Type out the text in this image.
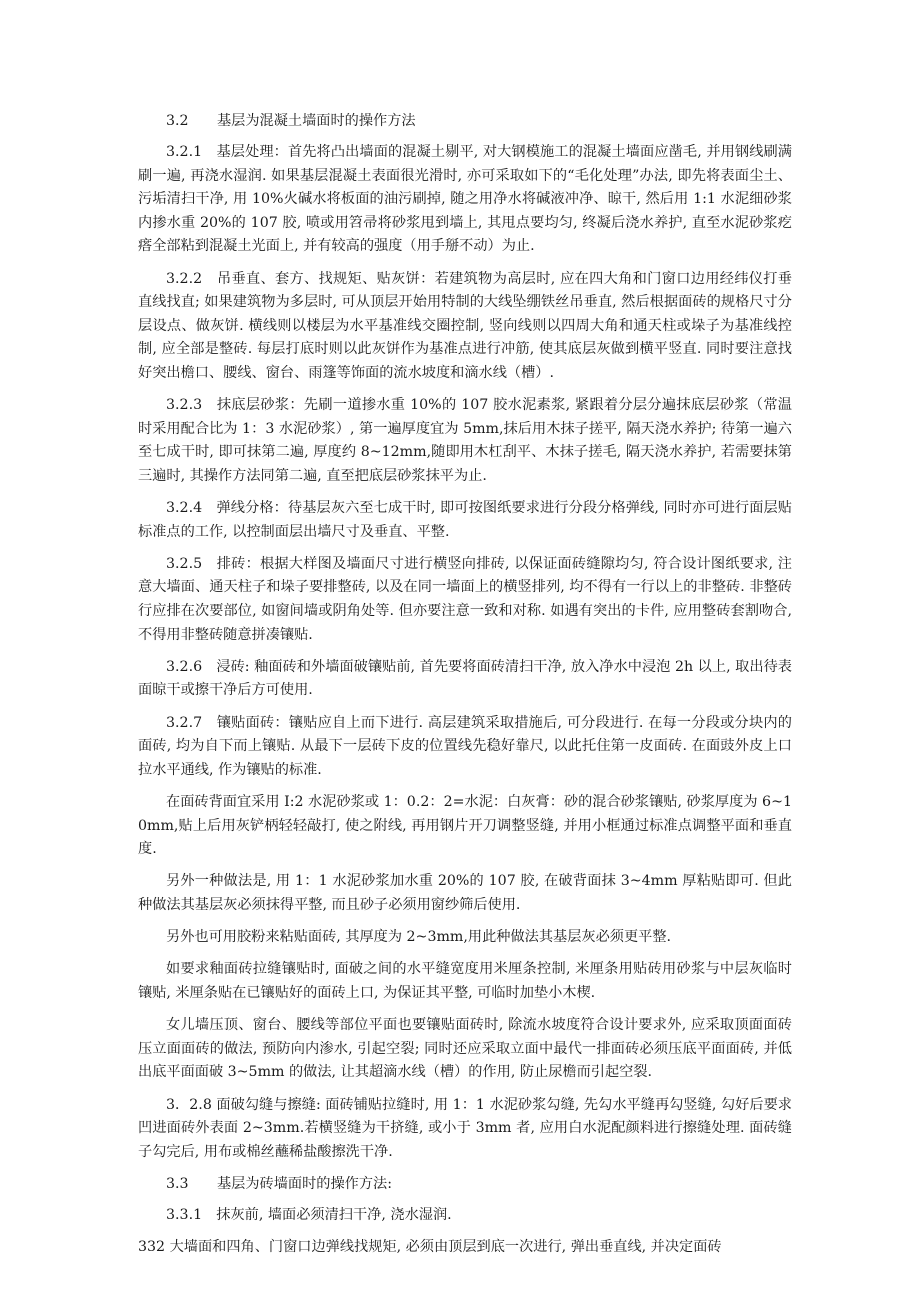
3.2　　基层为混凝土墙面时的操作方法

3.2.1　基层处理：首先将凸出墙面的混凝土剔平, 对大钢模施工的混凝土墙面应凿毛, 并用钢线刷满刷一遍, 再浇水湿润. 如果基层混凝土表面很光滑时, 亦可采取如下的“毛化处理”办法, 即先将表面尘土、污垢清扫干净, 用 10%火碱水将板面的油污刷掉, 随之用净水将碱液冲净、晾干, 然后用 1:1 水泥细砂浆内掺水重 20%的 107 胶, 喷或用笤帚将砂浆甩到墙上, 其甩点要均匀, 终凝后浇水养护, 直至水泥砂浆疙瘩全部粘到混凝土光面上, 并有较高的强度（用手掰不动）为止.

3.2.2　吊垂直、套方、找规矩、贴灰饼：若建筑物为高层时, 应在四大角和门窗口边用经纬仪打垂直线找直; 如果建筑物为多层时, 可从顶层开始用特制的大线坠绷铁丝吊垂直, 然后根据面砖的规格尺寸分层设点、做灰饼. 横线则以楼层为水平基准线交圈控制, 竖向线则以四周大角和通天柱或垛子为基准线控制, 应全部是整砖. 每层打底时则以此灰饼作为基准点进行冲筋, 使其底层灰做到横平竖直. 同时要注意找好突出檐口、腰线、窗台、雨篷等饰面的流水坡度和滴水线（槽）.

3.2.3　抹底层砂浆：先刷一道掺水重 10%的 107 胶水泥素浆, 紧跟着分层分遍抹底层砂浆（常温时采用配合比为 1：3 水泥砂浆）, 第一遍厚度宜为 5mm,抹后用木抹子搓平, 隔天浇水养护; 待第一遍六至七成干时, 即可抹第二遍, 厚度约 8~12mm,随即用木杠刮平、木抹子搓毛, 隔天浇水养护, 若需要抹第三遍时, 其操作方法同第二遍, 直至把底层砂浆抹平为止.

3.2.4　弹线分格：待基层灰六至七成干时, 即可按图纸要求进行分段分格弹线, 同时亦可进行面层贴标准点的工作, 以控制面层出墙尺寸及垂直、平整.

3.2.5　排砖：根据大样图及墙面尺寸进行横竖向排砖, 以保证面砖缝隙均匀, 符合设计图纸要求, 注意大墙面、通天柱子和垛子要排整砖, 以及在同一墙面上的横竖排列, 均不得有一行以上的非整砖. 非整砖行应排在次要部位, 如窗间墙或阴角处等. 但亦要注意一致和对称. 如遇有突出的卡件, 应用整砖套割吻合, 不得用非整砖随意拼凑镶贴.

3.2.6　浸砖: 釉面砖和外墙面破镶贴前, 首先要将面砖清扫干净, 放入净水中浸泡 2h 以上, 取出待表面晾干或擦干净后方可使用.

3.2.7　镶贴面砖：镶贴应自上而下进行. 高层建筑采取措施后, 可分段进行. 在每一分段或分块内的面砖, 均为自下而上镶贴. 从最下一层砖下皮的位置线先稳好靠尺, 以此托住第一皮面砖. 在面豉外皮上口拉水平通线, 作为镶贴的标准.

在面砖背面宜采用 I:2 水泥砂浆或 1：0.2：2=水泥：白灰膏：砂的混合砂浆镶贴, 砂浆厚度为 6~10mm,贴上后用灰铲柄轻轻敲打, 使之附线, 再用钢片开刀调整竖缝, 并用小框通过标准点调整平面和垂直度.

另外一种做法是, 用 1：1 水泥砂浆加水重 20%的 107 胶, 在破背面抹 3~4mm 厚粘贴即可. 但此种做法其基层灰必须抹得平整, 而且砂子必须用窗纱筛后使用.

另外也可用胶粉来粘贴面砖, 其厚度为 2~3mm,用此种做法其基层灰必须更平整.

如要求釉面砖拉缝镶贴时, 面破之间的水平缝宽度用米厘条控制, 米厘条用贴砖用砂浆与中层灰临时镶贴, 米厘条贴在已镶贴好的面砖上口, 为保证其平整, 可临时加垫小木楔.

女儿墙压顶、窗台、腰线等部位平面也要镶贴面砖时, 除流水坡度符合设计要求外, 应采取顶面面砖压立面面砖的做法, 预防向内渗水, 引起空裂; 同时还应采取立面中最代一排面砖必须压底平面面砖, 并低出底平面面破 3~5mm 的做法, 让其超滴水线（槽）的作用, 防止尿檐而引起空裂.

3．2.8 面破勾缝与擦缝: 面砖铺贴拉缝时, 用 1：1 水泥砂浆勾缝, 先勾水平缝再勾竖缝, 勾好后要求凹进面砖外表面 2~3mm.若横竖缝为干挤缝, 或小于 3mm 者, 应用白水泥配颜料进行擦缝处理. 面砖缝子勾完后, 用布或棉丝蘸稀盐酸擦洗干净.

3.3　　基层为砖墙面时的操作方法:

3.3.1　抹灰前, 墙面必须清扫干净, 浇水湿润.

332 大墙面和四角、门窗口边弹线找规矩, 必须由顶层到底一次进行, 弹出垂直线, 并决定面砖
